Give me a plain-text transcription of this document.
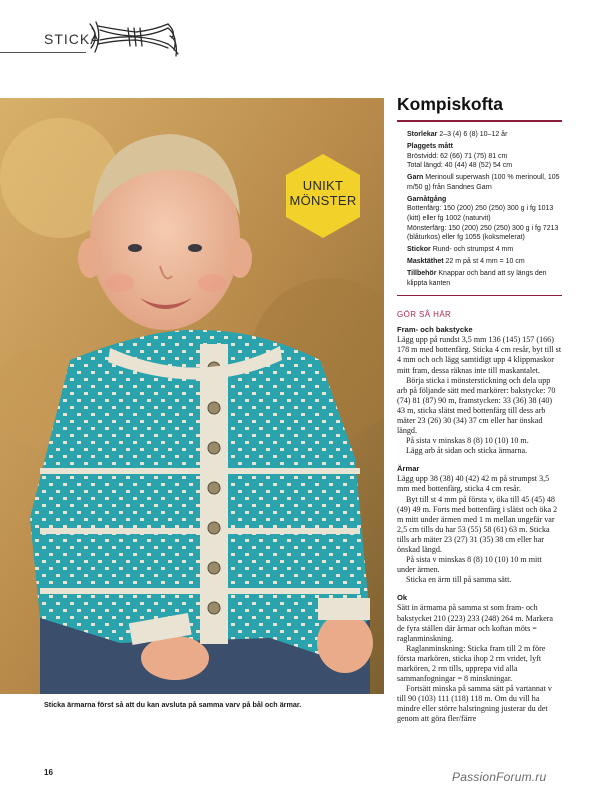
STICKA
UNIKT
MÖNSTER
Sticka ärmarna först så att du kan avsluta på samma varv på bål och ärmar.
16	PassionForum.ru
Kompiskofta
Storlekar 2–3 (4) 6 (8) 10–12 år
Plaggets mått
Bröstvidd: 62 (66) 71 (75) 81 cm
Total längd: 40 (44) 48 (52) 54 cm
Garn Merinoull superwash (100 % merinoull, 105 m/50 g) från Sandnes Garn
Garnåtgång
Bottenfärg: 150 (200) 250 (250) 300 g i fg 1013 (kitt) eller fg 1002 (naturvit)
Mönsterfärg: 150 (200) 250 (250) 300 g i fg 7213 (blåturkos) eller fg 1055 (koksmelerat)
Stickor Rund- och strumpst 4 mm
Masktäthet 22 m på st 4 mm = 10 cm
Tillbehör Knappar och band att sy längs den klippta kanten
GÖR SÅ HÄR
Fram- och bakstycke
Lägg upp på rundst 3,5 mm 136 (145) 157 (166) 178 m med bottenfärg. Sticka 4 cm resår, byt till st 4 mm och och lägg samtidigt upp 4 klippmaskor mitt fram, dessa räknas inte till maskantalet.
Börja sticka i mönsterstickning och dela upp arb på följande sätt med markörer: bakstycke: 70 (74) 81 (87) 90 m, framstycken: 33 (36) 38 (40) 43 m, sticka slätst med bottenfärg till dess arb mäter 23 (26) 30 (34) 37 cm eller har önskad längd.
På sista v minskas 8 (8) 10 (10) 10 m.
Lägg arb åt sidan och sticka ärmarna.
Ärmar
Lägg upp 38 (38) 40 (42) 42 m på strumpst 3,5 mm med bottenfärg, sticka 4 cm resår.
Byt till st 4 mm på första v, öka till 45 (45) 48 (49) 49 m. Forts med bottenfärg i slätst och öka 2 m mitt under ärmen med 1 m mellan ungefär var 2,5 cm tills du har 53 (55) 58 (61) 63 m. Sticka tills arb mäter 23 (27) 31 (35) 38 cm eller har önskad längd.
På sista v minskas 8 (8) 10 (10) 10 m mitt under ärmen.
Sticka en ärm till på samma sätt.
Ok
Sätt in ärmarna på samma st som fram- och bakstycket 210 (223) 233 (248) 264 m. Markera de fyra ställen där ärmar och koftan möts = raglanminskning.
Raglanminskning: Sticka fram till 2 m före första markören, sticka ihop 2 rm vridet, lyft markören, 2 rm tills, upprepa vid alla sammanfogningar = 8 minskningar.
Fortsätt minska på samma sätt på vartannat v till 90 (103) 111 (118) 118 m. Om du vill ha mindre eller större halsringning justerar du det genom att göra fler/färre
